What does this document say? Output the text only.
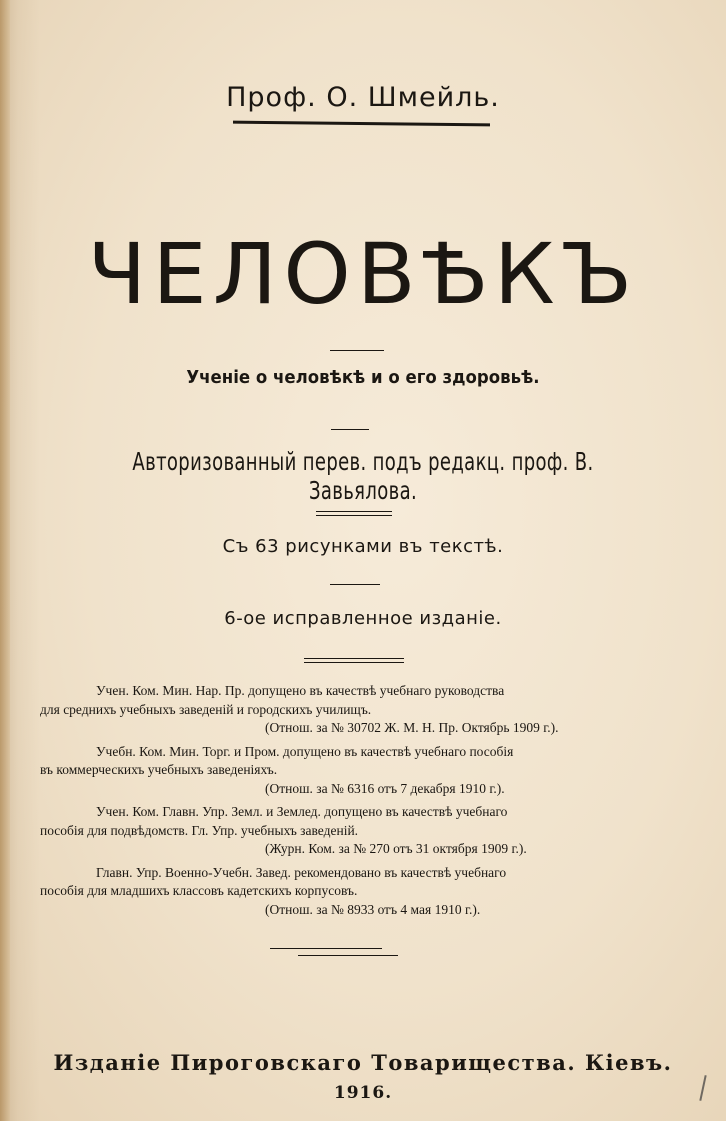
Проф. О. Шмейль.
ЧЕЛОВѢКЪ
Ученіе о человѣкѣ и о его здоровьѣ.
Авторизованный перев. подъ редакц. проф. В. Завьялова.
Съ 63 рисунками въ текстѣ.
6-ое исправленное изданіе.
Учен. Ком. Мин. Нар. Пр. допущено въ качествѣ учебнаго руководства
для среднихъ учебныхъ заведеній и городскихъ училищъ.
(Отнош. за № 30702 Ж. М. Н. Пр. Октябрь 1909 г.).
Учебн. Ком. Мин. Торг. и Пром. допущено въ качествѣ учебнаго пособія
въ коммерческихъ учебныхъ заведеніяхъ.
(Отнош. за № 6316 отъ 7 декабря 1910 г.).
Учен. Ком. Главн. Упр. Земл. и Землед. допущено въ качествѣ учебнаго
пособія для подвѣдомств. Гл. Упр. учебныхъ заведеній.
(Журн. Ком. за № 270 отъ 31 октября 1909 г.).
Главн. Упр. Военно-Учебн. Завед. рекомендовано въ качествѣ учебнаго
пособія для младшихъ классовъ кадетскихъ корпусовъ.
(Отнош. за № 8933 отъ 4 мая 1910 г.).
Изданіе Пироговскаго Товарищества. Кіевъ.
1916.
